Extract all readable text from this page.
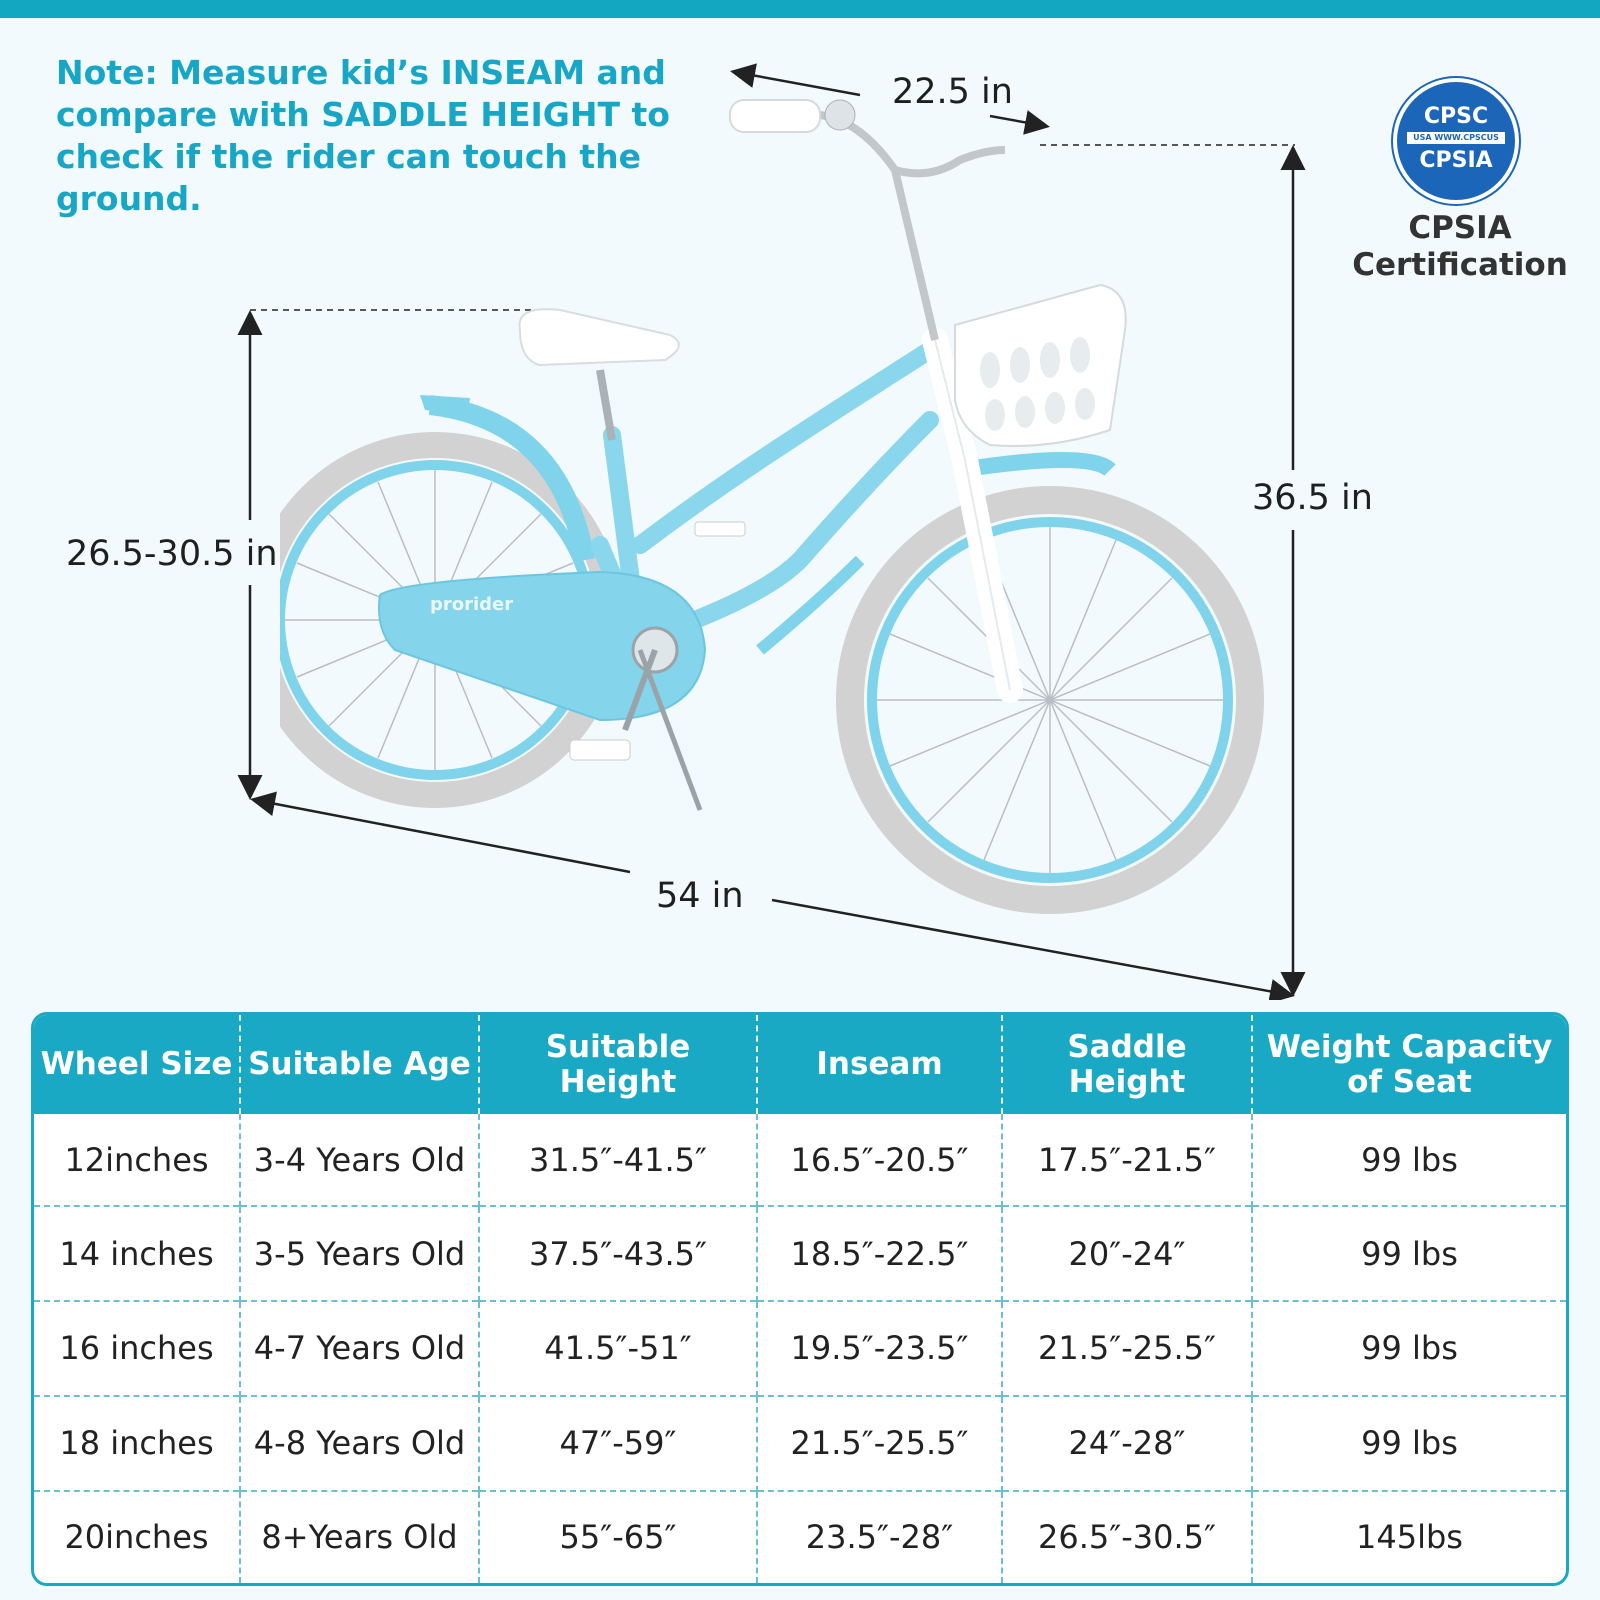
Note: Measure kid’s INSEAM and compare with SADDLE HEIGHT to check if the rider can touch the ground.
22.5 in
36.5 in
26.5-30.5 in
54 in
CPSC
USA WWW.CPSCUS
CPSIA
CPSIA
Certification
prorider
Wheel Size	Suitable Age	Suitable Height	Inseam	Saddle Height	Weight Capacity of Seat
12inches	3-4 Years Old	31.5″-41.5″	16.5″-20.5″	17.5″-21.5″	99 lbs
14 inches	3-5 Years Old	37.5″-43.5″	18.5″-22.5″	20″-24″	99 lbs
16 inches	4-7 Years Old	41.5″-51″	19.5″-23.5″	21.5″-25.5″	99 lbs
18 inches	4-8 Years Old	47″-59″	21.5″-25.5″	24″-28″	99 lbs
20inches	8+Years Old	55″-65″	23.5″-28″	26.5″-30.5″	145lbs
